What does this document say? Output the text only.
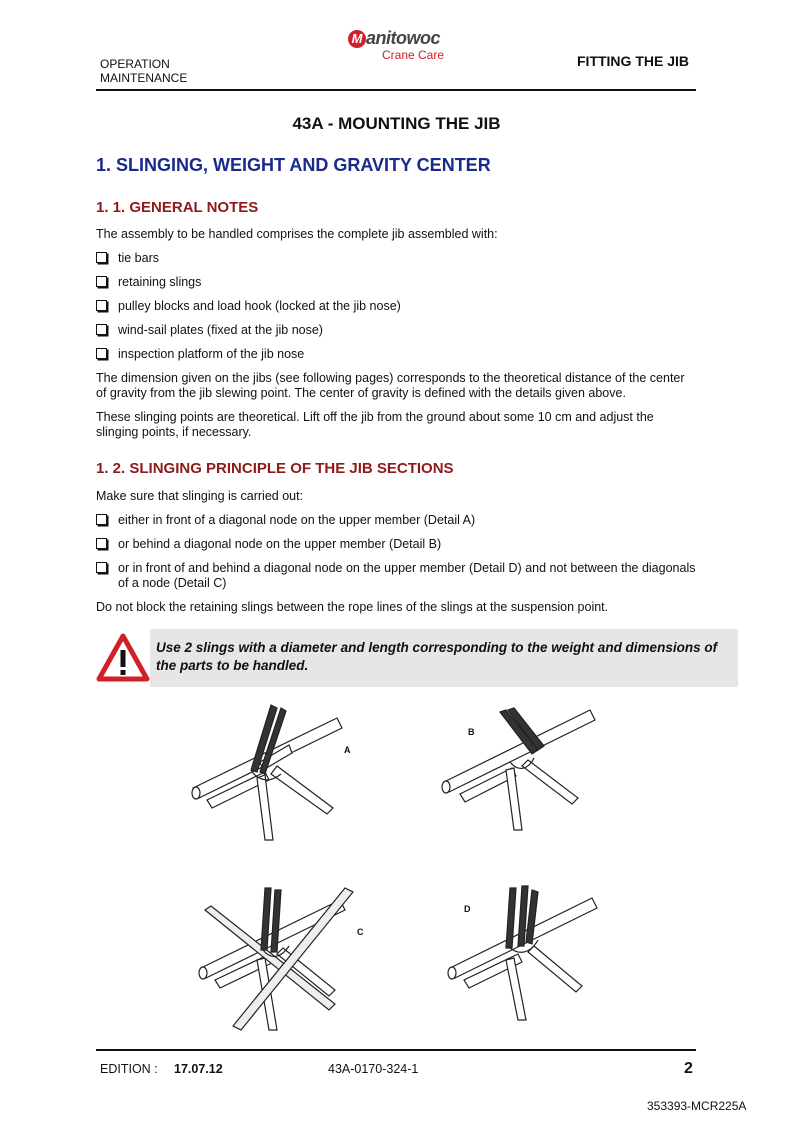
OPERATION
MAINTENANCE
M anitowoc
Crane Care	FITTING THE JIB
43A - MOUNTING THE JIB
1. SLINGING, WEIGHT AND GRAVITY CENTER
1. 1. GENERAL NOTES
The assembly to be handled comprises the complete jib assembled with:
tie bars
retaining slings
pulley blocks and load hook (locked at the jib nose)
wind-sail plates (fixed at the jib nose)
inspection platform of the jib nose
The dimension given on the jibs (see following pages) corresponds to the theoretical distance of the center of gravity from the jib slewing point. The center of gravity is defined with the details given above.
These slinging points are theoretical. Lift off the jib from the ground about some 10 cm and adjust the slinging points, if necessary.
1. 2. SLINGING PRINCIPLE OF THE JIB SECTIONS
Make sure that slinging is carried out:
either in front of a diagonal node on the upper member (Detail A)
or behind a diagonal node on the upper member (Detail B)
or in front of and behind a diagonal node on the upper member (Detail D) and not between the diagonals of a node (Detail C)
Do not block the retaining slings between the rope lines of the slings at the suspension point.
Use 2 slings with a diameter and length corresponding to the weight and dimensions of the parts to be handled.
A
B
C
D
EDITION : 17.07.12	43A-0170-324-1	2
353393-MCR225A
